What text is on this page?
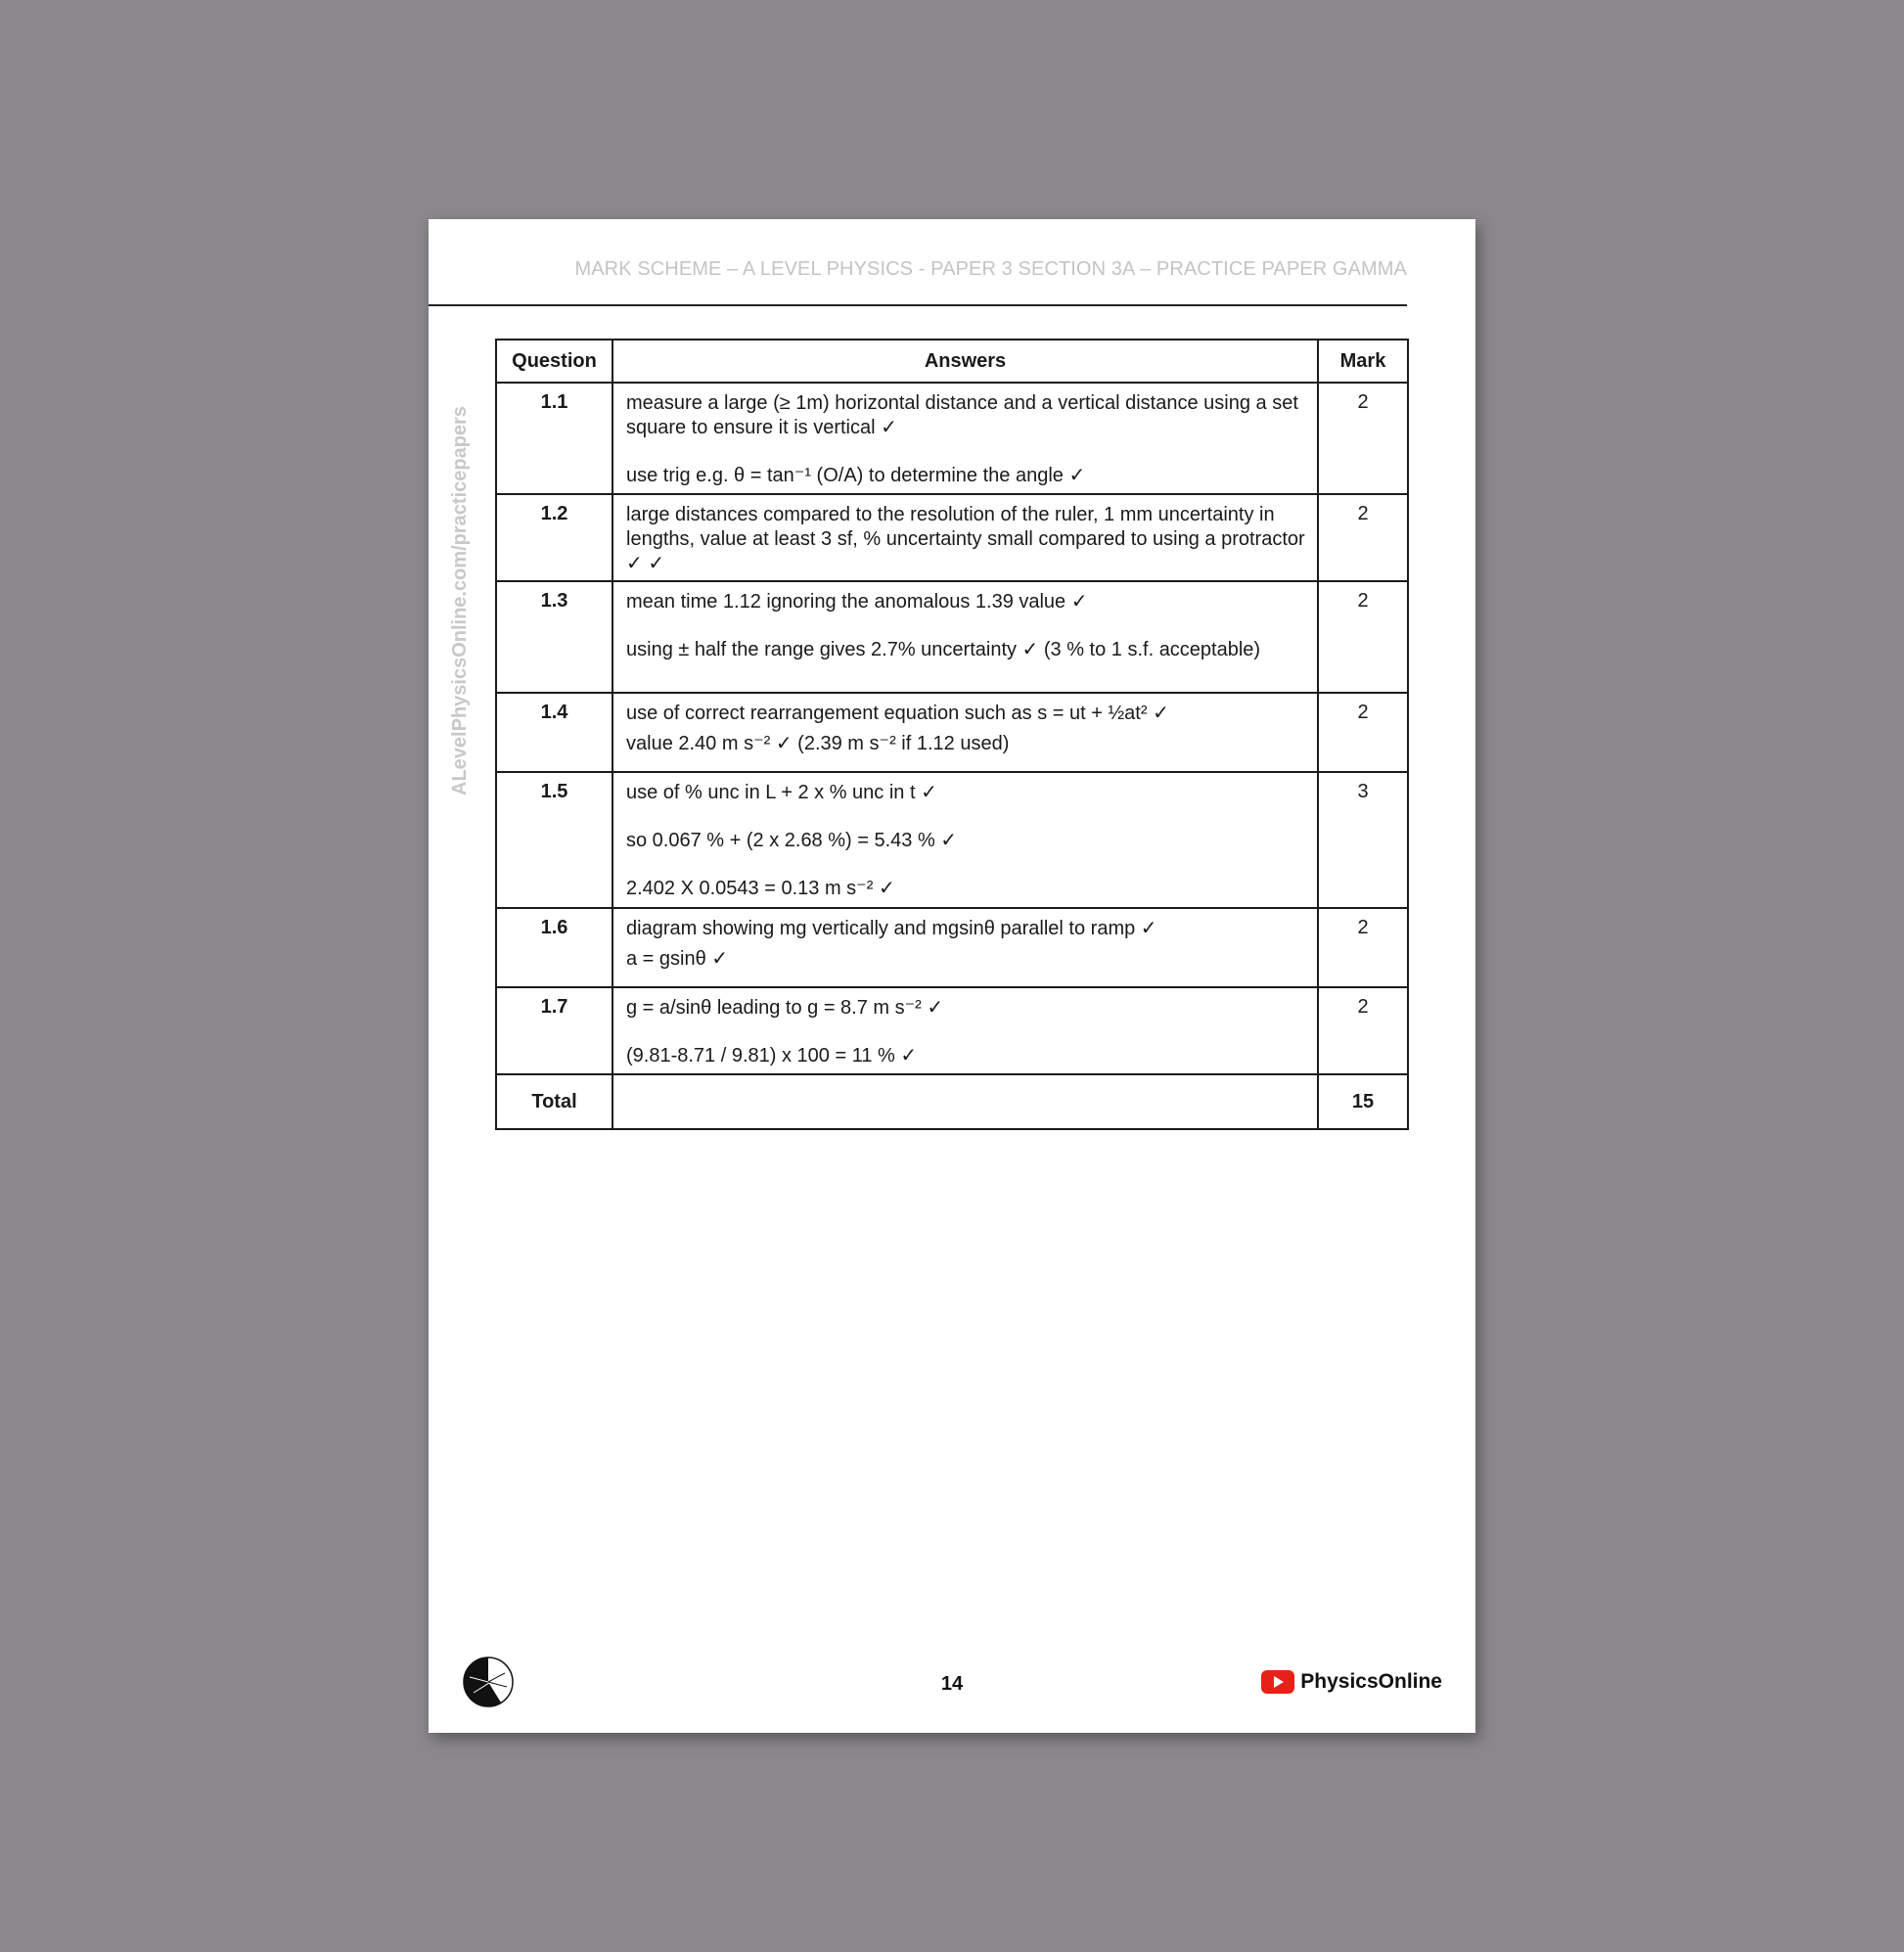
MARK SCHEME – A LEVEL PHYSICS - PAPER 3 SECTION 3A – PRACTICE PAPER GAMMA
ALevelPhysicsOnline.com/practicepapers
Question	Answers	Mark
1.1	measure a large (≥ 1m) horizontal distance and a vertical distance using a set square to ensure it is vertical ✓

use trig e.g. θ = tan⁻¹ (O/A) to determine the angle ✓	2
1.2	large distances compared to the resolution of the ruler, 1 mm uncertainty in lengths, value at least 3 sf, % uncertainty small compared to using a protractor ✓ ✓	2
1.3	mean time 1.12 ignoring the anomalous 1.39 value ✓

using ± half the range gives 2.7% uncertainty ✓ (3 % to 1 s.f. acceptable)	2
1.4	use of correct rearrangement equation such as s = ut + ½at² ✓

value 2.40 m s⁻² ✓ (2.39 m s⁻² if 1.12 used)	2
1.5	use of % unc in L + 2 x % unc in t ✓

so 0.067 % + (2 x 2.68 %) = 5.43 % ✓

2.402 X 0.0543 = 0.13 m s⁻² ✓	3
1.6	diagram showing mg vertically and mgsinθ parallel to ramp ✓

a = gsinθ ✓	2
1.7	g = a/sinθ leading to g = 8.7 m s⁻² ✓

(9.81-8.71 / 9.81) x 100 = 11 % ✓	2
Total		15
14	PhysicsOnline
